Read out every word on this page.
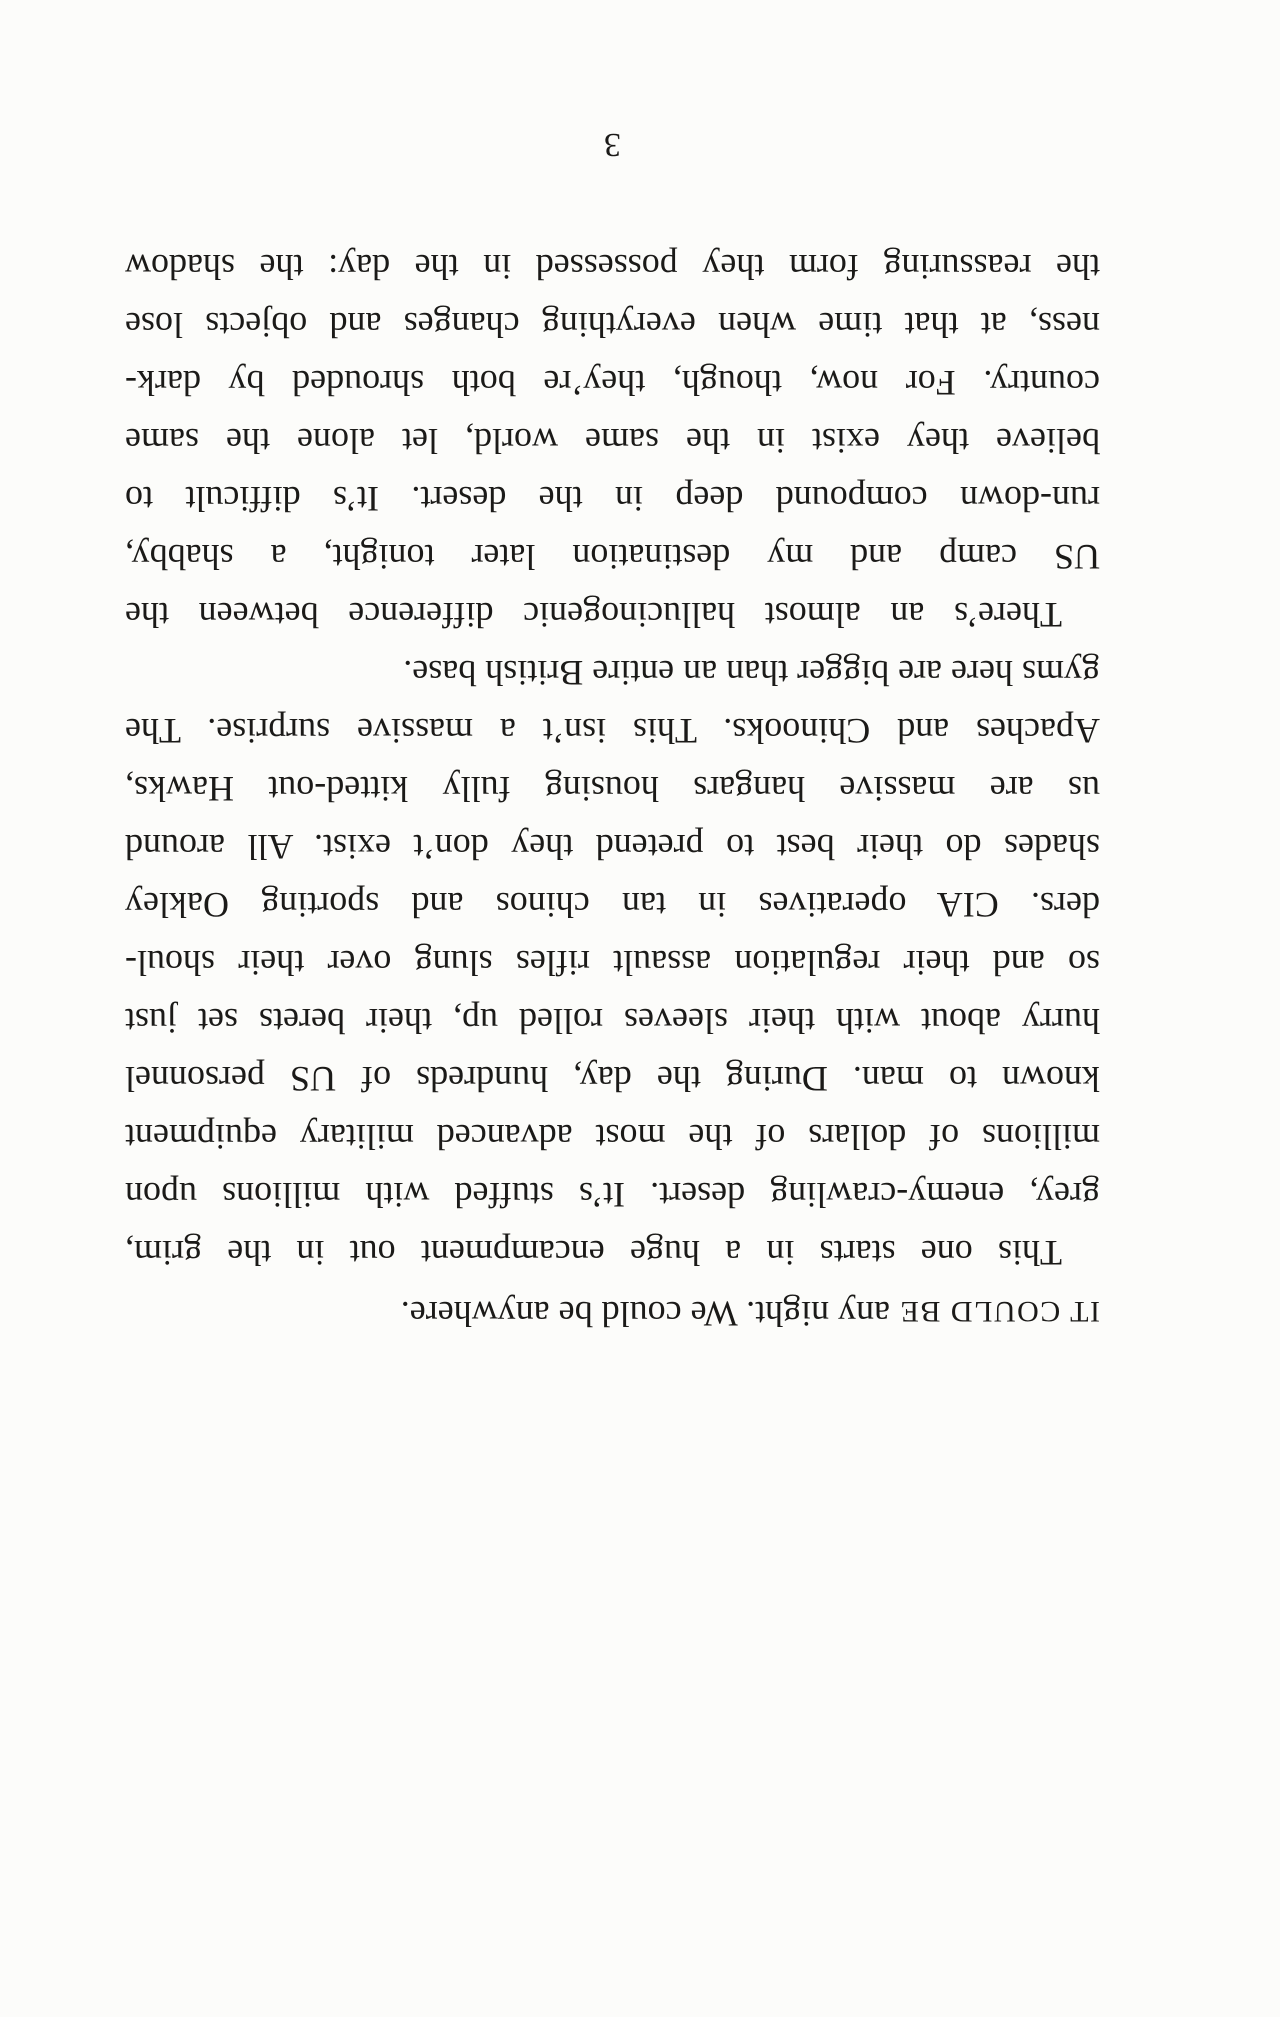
IT COULD BE any night. We could be anywhere.
This one starts in a huge encampment out in the grim,
grey, enemy-crawling desert. It’s stuffed with millions upon
millions of dollars of the most advanced military equipment
known to man. During the day, hundreds of US personnel
hurry about with their sleeves rolled up, their berets set just
so and their regulation assault rifles slung over their shoul-
ders. CIA operatives in tan chinos and sporting Oakley
shades do their best to pretend they don’t exist. All around
us are massive hangars housing fully kitted-out Hawks,
Apaches and Chinooks. This isn’t a massive surprise. The
gyms here are bigger than an entire British base.
There’s an almost hallucinogenic difference between the
US camp and my destination later tonight, a shabby,
run-down compound deep in the desert. It’s difficult to
believe they exist in the same world, let alone the same
country. For now, though, they’re both shrouded by dark-
ness, at that time when everything changes and objects lose
the reassuring form they possessed in the day: the shadow
3
